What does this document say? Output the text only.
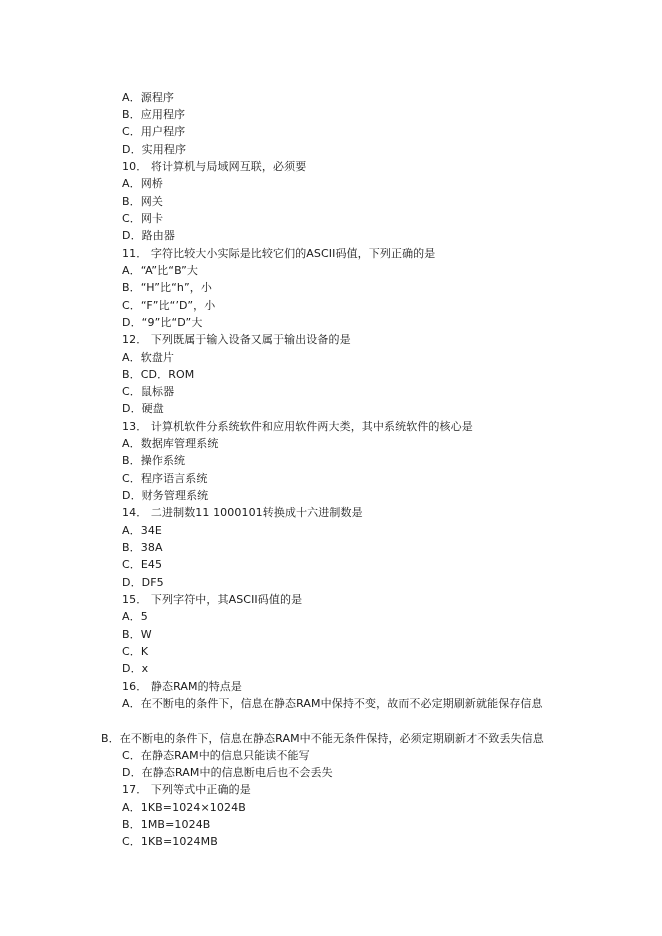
A．源程序
B．应用程序
C．用户程序
D．实用程序
10． 将计算机与局域网互联，必须要
A．网桥
B．网关
C．网卡
D．路由器
11． 字符比较大小实际是比较它们的ASCII码值，下列正确的是
A．“A”比“B”大
B．“H”比“h”，小
C．“F”比“’D”，小
D．“9”比“D”大
12． 下列既属于输入设备又属于输出设备的是
A．软盘片
B．CD．ROM
C．鼠标器
D．硬盘
13． 计算机软件分系统软件和应用软件两大类，其中系统软件的核心是
A．数据库管理系统
B．操作系统
C．程序语言系统
D．财务管理系统
14． 二进制数11 1000101转换成十六进制数是
A．34E
B．38A
C．E45
D．DF5
15． 下列字符中，其ASCII码值的是
A．5
B．W
C．K
D．x
16． 静态RAM的特点是
A．在不断电的条件下，信息在静态RAM中保持不变，故而不必定期刷新就能保存信息
B．在不断电的条件下，信息在静态RAM中不能无条件保持，必须定期刷新才不致丢失信息
C．在静态RAM中的信息只能读不能写
D．在静态RAM中的信息断电后也不会丢失
17． 下列等式中正确的是
A．1KB=1024×1024B
B．1MB=1024B
C．1KB=1024MB
